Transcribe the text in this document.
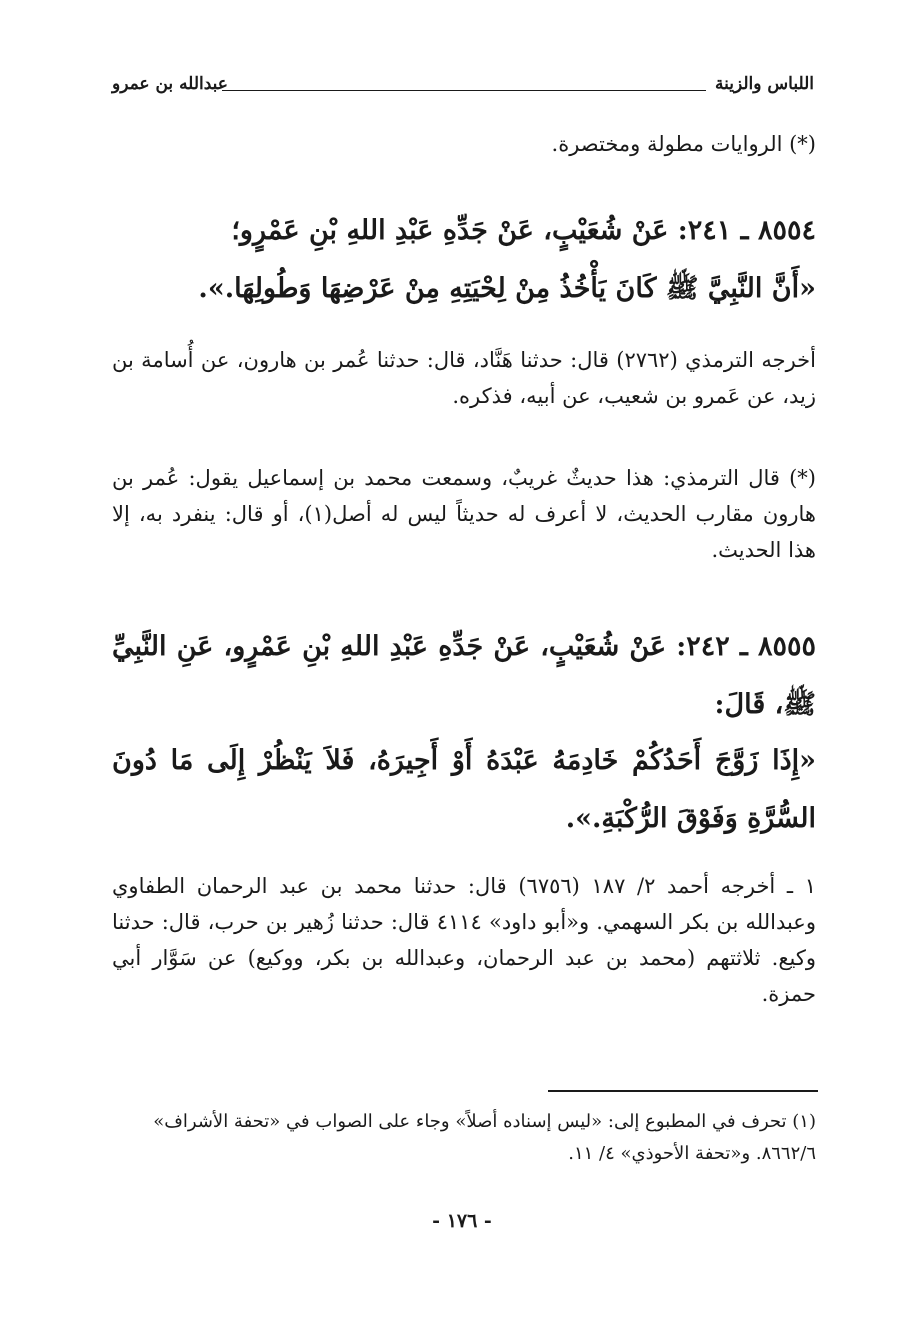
اللباس والزينة
عبدالله بن عمرو
(*) الروايات مطولة ومختصرة.
٨٥٥٤ ـ ٢٤١: عَنْ شُعَيْبٍ، عَنْ جَدِّهِ عَبْدِ اللهِ بْنِ عَمْرٍو؛
«أَنَّ النَّبِيَّ ﷺ كَانَ يَأْخُذُ مِنْ لِحْيَتِهِ مِنْ عَرْضِهَا وَطُولِهَا.».
أخرجه الترمذي (٢٧٦٢) قال: حدثنا هَنَّاد، قال: حدثنا عُمر بن هارون، عن أُسامة بن زيد، عن عَمرو بن شعيب، عن أبيه، فذكره.
(*) قال الترمذي: هذا حديثٌ غريبٌ، وسمعت محمد بن إسماعيل يقول: عُمر بن هارون مقارب الحديث، لا أعرف له حديثاً ليس له أصل(١)، أو قال: ينفرد به، إلا هذا الحديث.
٨٥٥٥ ـ ٢٤٢: عَنْ شُعَيْبٍ، عَنْ جَدِّهِ عَبْدِ اللهِ بْنِ عَمْرٍو، عَنِ النَّبِيِّ ﷺ، قَالَ:
«إِذَا زَوَّجَ أَحَدُكُمْ خَادِمَهُ عَبْدَهُ أَوْ أَجِيرَهُ، فَلاَ يَنْظُرْ إِلَى مَا دُونَ السُّرَّةِ وَفَوْقَ الرُّكْبَةِ.».
١ ـ أخرجه أحمد ٢/ ١٨٧ (٦٧٥٦) قال: حدثنا محمد بن عبد الرحمان الطفاوي وعبدالله بن بكر السهمي. و«أبو داود» ٤١١٤ قال: حدثنا زُهير بن حرب، قال: حدثنا وكيع. ثلاثتهم (محمد بن عبد الرحمان، وعبدالله بن بكر، ووكيع) عن سَوَّار أبي حمزة.
(١) تحرف في المطبوع إلى: «ليس إسناده أصلاً» وجاء على الصواب في «تحفة الأشراف» ٨٦٦٢/٦. و«تحفة الأحوذي» ٤/ ١١.
- ١٧٦ -
